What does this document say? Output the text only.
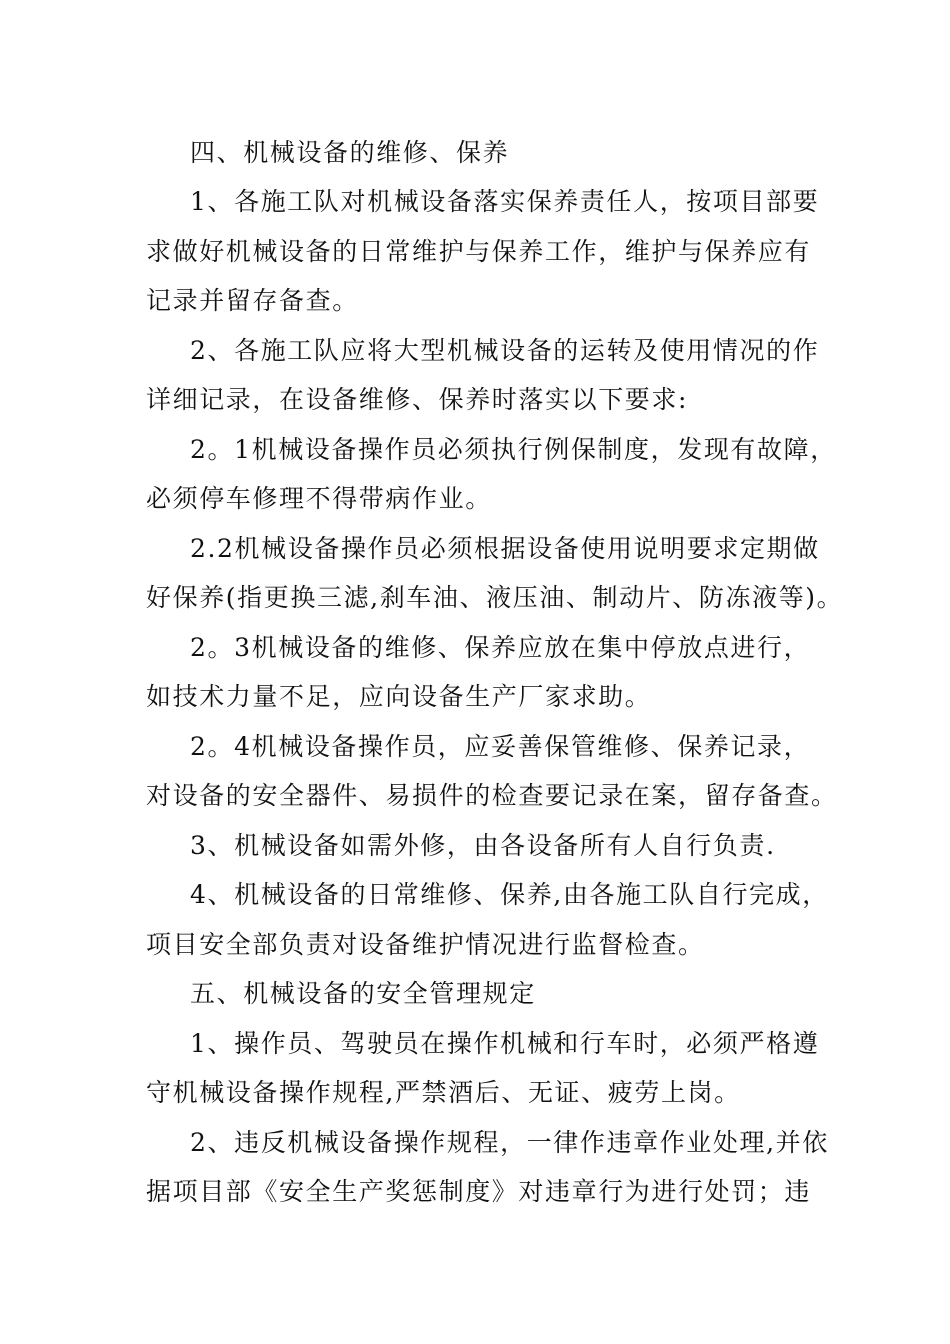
四、机械设备的维修、保养
1、各施工队对机械设备落实保养责任人，按项目部要
求做好机械设备的日常维护与保养工作，维护与保养应有
记录并留存备查。
2、各施工队应将大型机械设备的运转及使用情况的作
详细记录，在设备维修、保养时落实以下要求:
2。1机械设备操作员必须执行例保制度，发现有故障，
必须停车修理不得带病作业。
2.2机械设备操作员必须根据设备使用说明要求定期做
好保养(指更换三滤,刹车油、液压油、制动片、防冻液等)。
2。3机械设备的维修、保养应放在集中停放点进行，
如技术力量不足，应向设备生产厂家求助。
2。4机械设备操作员，应妥善保管维修、保养记录，
对设备的安全器件、易损件的检查要记录在案，留存备查。
3、机械设备如需外修，由各设备所有人自行负责.
4、机械设备的日常维修、保养,由各施工队自行完成，
项目安全部负责对设备维护情况进行监督检查。
五、机械设备的安全管理规定
1、操作员、驾驶员在操作机械和行车时，必须严格遵
守机械设备操作规程,严禁酒后、无证、疲劳上岗。
2、违反机械设备操作规程，一律作违章作业处理,并依
据项目部《安全生产奖惩制度》对违章行为进行处罚；违
